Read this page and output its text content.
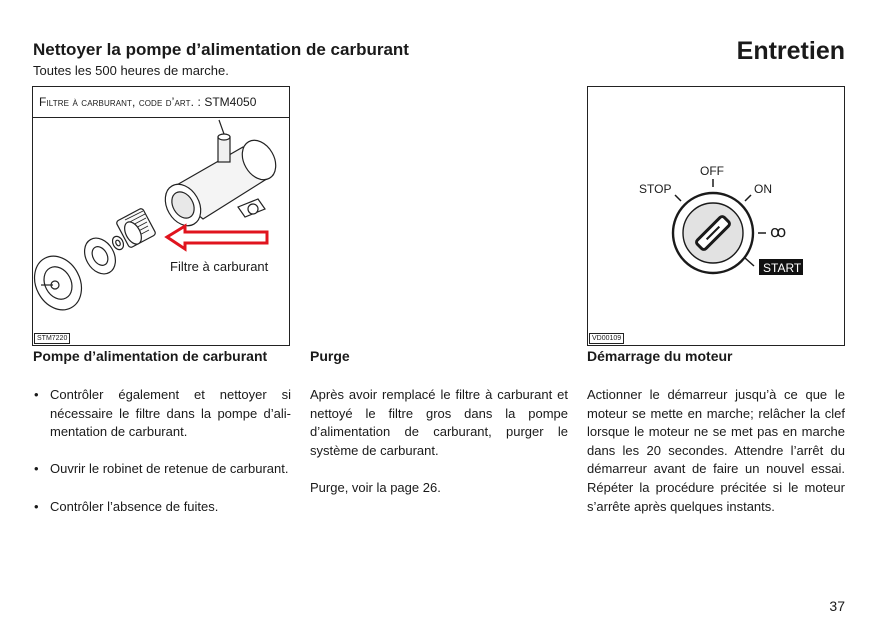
Nettoyer la pompe d’alimentation de carburant
Toutes les 500 heures de marche.
Entretien
Filtre à carburant, code d’art. : STM4050
Filtre à carburant
STM7220
STOP
OFF
ON
ꝏ
START
VD00109
Pompe d’alimentation de carburant	Purge	Démarrage du moteur
• Contrôler également et nettoyer si nécessaire le filtre dans la pompe d’alimentation de carburant.
• Ouvrir le robinet de retenue de carburant.
• Contrôler l’absence de fuites.

Après avoir remplacé le filtre à carburant et nettoyé le filtre gros dans la pompe d’alimentation de carburant, purger le système de carburant.

Purge, voir la page 26.

Actionner le démarreur jusqu’à ce que le moteur se mette en marche; relâcher la clef lorsque le moteur ne se met pas en marche dans les 20 secondes. Attendre l’arrêt du démarreur avant de faire un nouvel essai. Répéter la procédure précitée si le moteur s’arrête après quelques instants.

37
